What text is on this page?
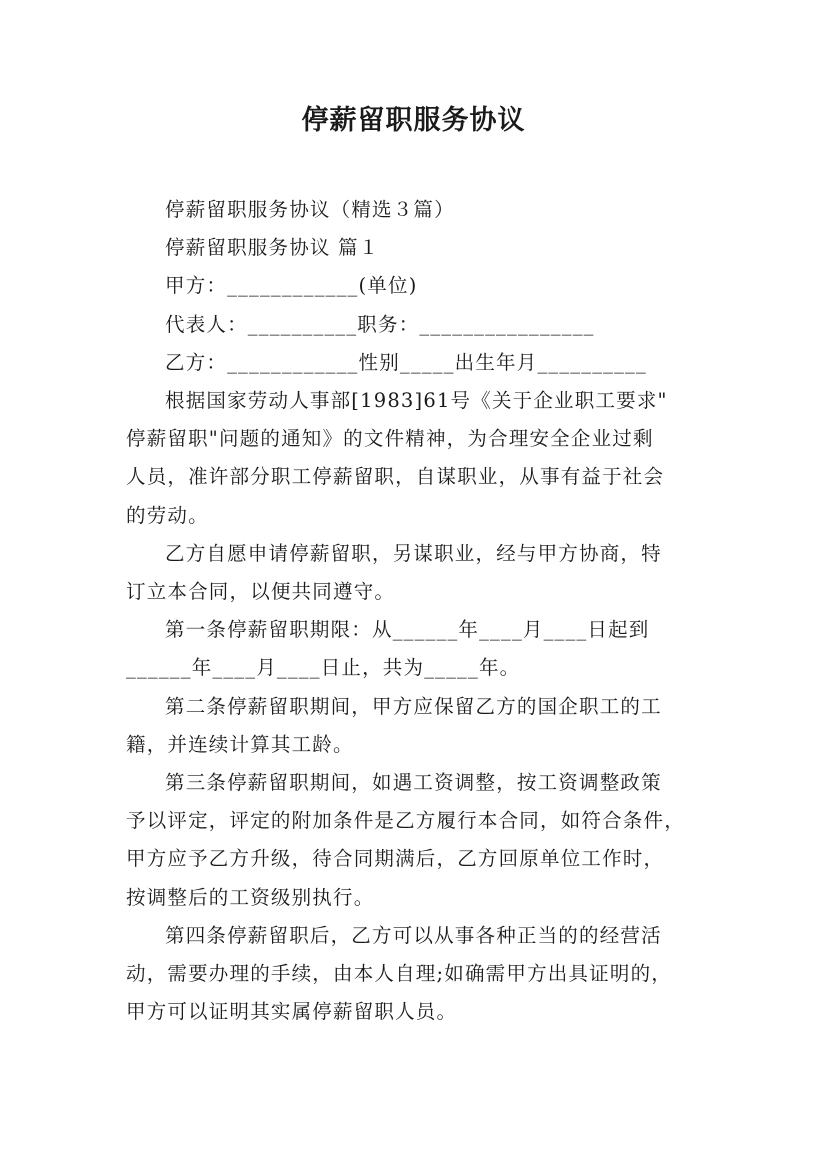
停薪留职服务协议

停薪留职服务协议（精选３篇）

停薪留职服务协议 篇１

甲方：____________(单位)

代表人：__________职务：________________

乙方：____________性别_____出生年月__________

根据国家劳动人事部[1983]61号《关于企业职工要求"
停薪留职"问题的通知》的文件精神，为合理安全企业过剩
人员，准许部分职工停薪留职，自谋职业，从事有益于社会
的劳动。

乙方自愿申请停薪留职，另谋职业，经与甲方协商，特
订立本合同，以便共同遵守。

第一条停薪留职期限：从______年____月____日起到
______年____月____日止，共为_____年。

第二条停薪留职期间，甲方应保留乙方的国企职工的工
籍，并连续计算其工龄。

第三条停薪留职期间，如遇工资调整，按工资调整政策
予以评定，评定的附加条件是乙方履行本合同，如符合条件，
甲方应予乙方升级，待合同期满后，乙方回原单位工作时，
按调整后的工资级别执行。

第四条停薪留职后，乙方可以从事各种正当的的经营活
动，需要办理的手续，由本人自理;如确需甲方出具证明的，
甲方可以证明其实属停薪留职人员。
